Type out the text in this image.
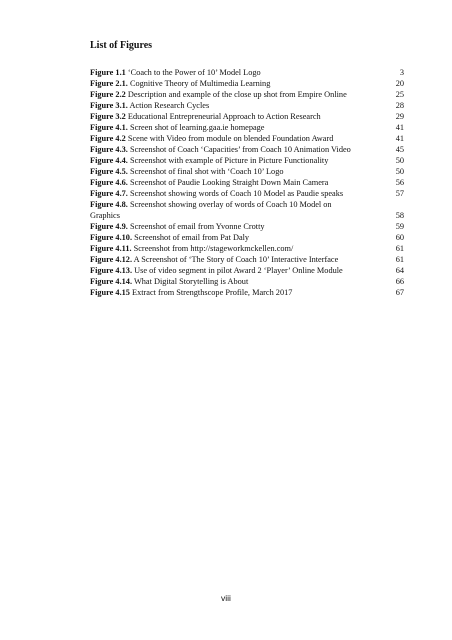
List of Figures
Figure 1.1 ‘Coach to the Power of 10’ Model Logo	3
Figure 2.1. Cognitive Theory of Multimedia Learning	20
Figure 2.2 Description and example of the close up shot from Empire Online	25
Figure 3.1. Action Research Cycles	28
Figure 3.2 Educational Entrepreneurial Approach to Action Research	29
Figure 4.1. Screen shot of learning.gaa.ie homepage	41
Figure 4.2 Scene with Video from module on blended Foundation Award	41
Figure 4.3. Screenshot of Coach ‘Capacities’ from Coach 10 Animation Video	45
Figure 4.4. Screenshot with example of Picture in Picture Functionality	50
Figure 4.5. Screenshot of final shot with ‘Coach 10’ Logo	50
Figure 4.6. Screenshot of Paudie Looking Straight Down Main Camera	56
Figure 4.7. Screenshot showing words of Coach 10 Model as Paudie speaks	57
Figure 4.8. Screenshot showing overlay of words of Coach 10 Model on Graphics	58
Figure 4.9. Screenshot of email from Yvonne Crotty	59
Figure 4.10. Screenshot of email from Pat Daly	60
Figure 4.11. Screenshot from http://stageworkmckellen.com/	61
Figure 4.12. A Screenshot of ‘The Story of Coach 10’ Interactive Interface	61
Figure 4.13. Use of video segment in pilot Award 2 ‘Player’ Online Module	64
Figure 4.14. What Digital Storytelling is About	66
Figure 4.15 Extract from Strengthscope Profile, March 2017	67
viii
